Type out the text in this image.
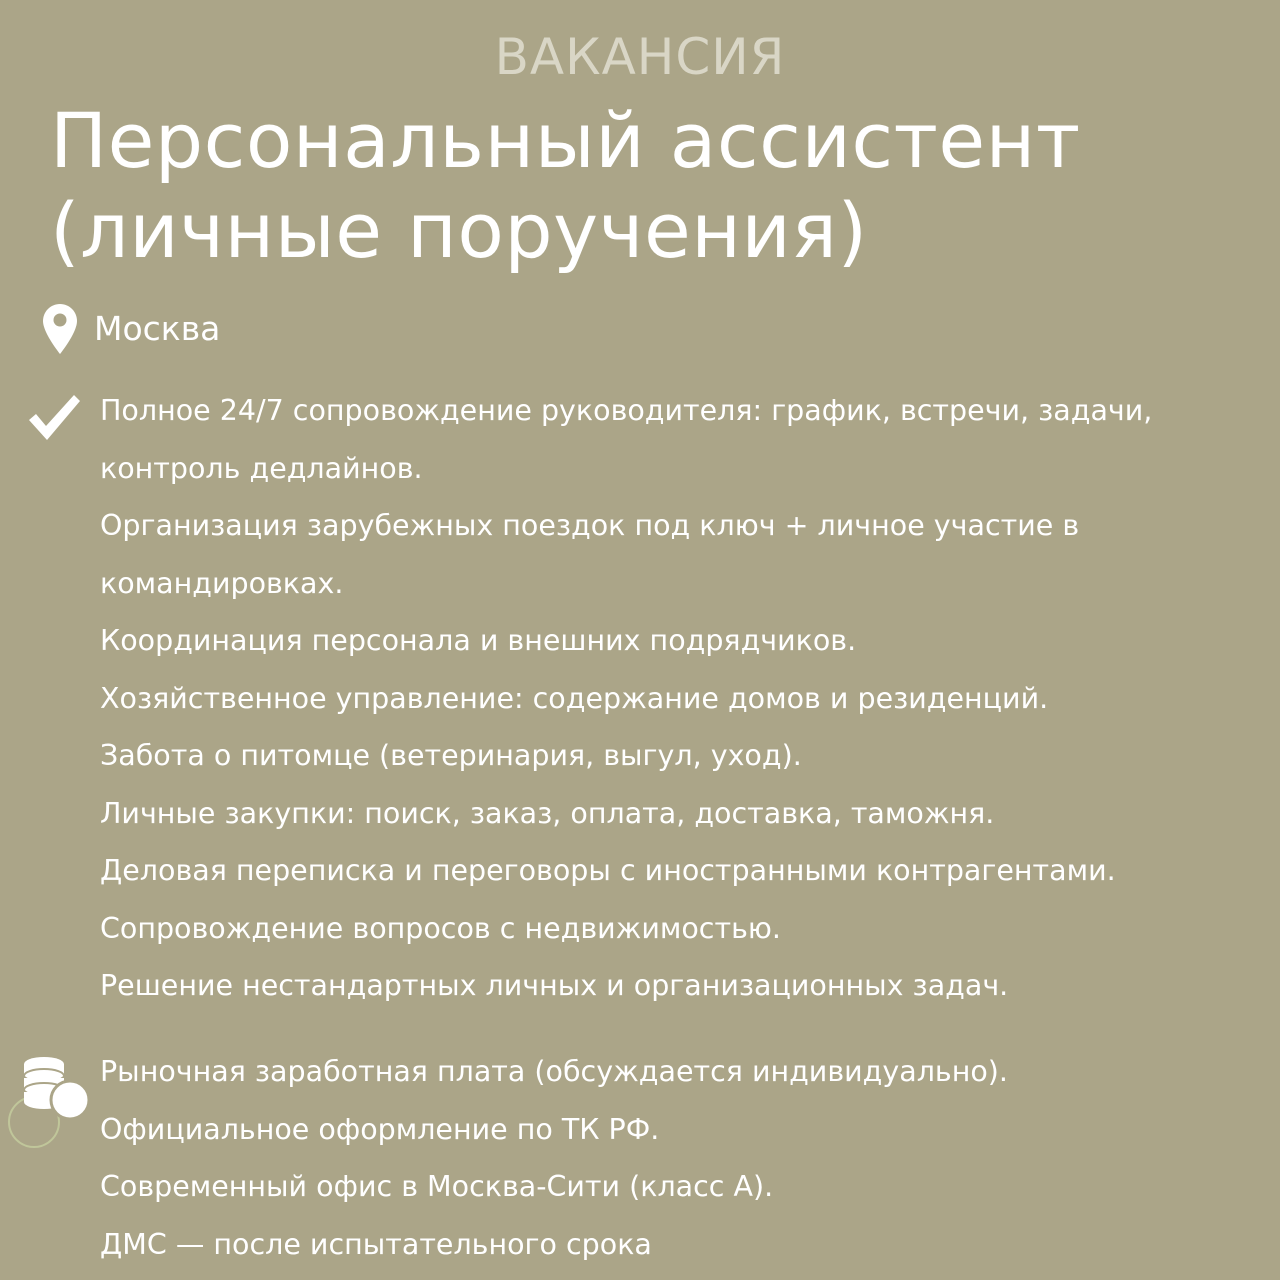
ВАКАНСИЯ
Персональный ассистент
(личные поручения)
Москва
Полное 24/7 сопровождение руководителя: график, встречи, задачи, контроль дедлайнов.
Организация зарубежных поездок под ключ + личное участие в командировках.
Координация персонала и внешних подрядчиков.
Хозяйственное управление: содержание домов и резиденций.
Забота о питомце (ветеринария, выгул, уход).
Личные закупки: поиск, заказ, оплата, доставка, таможня.
Деловая переписка и переговоры с иностранными контрагентами.
Сопровождение вопросов с недвижимостью.
Решение нестандартных личных и организационных задач.
Рыночная заработная плата (обсуждается индивидуально).
Официальное оформление по ТК РФ.
Современный офис в Москва-Сити (класс А).
ДМС — после испытательного срока
